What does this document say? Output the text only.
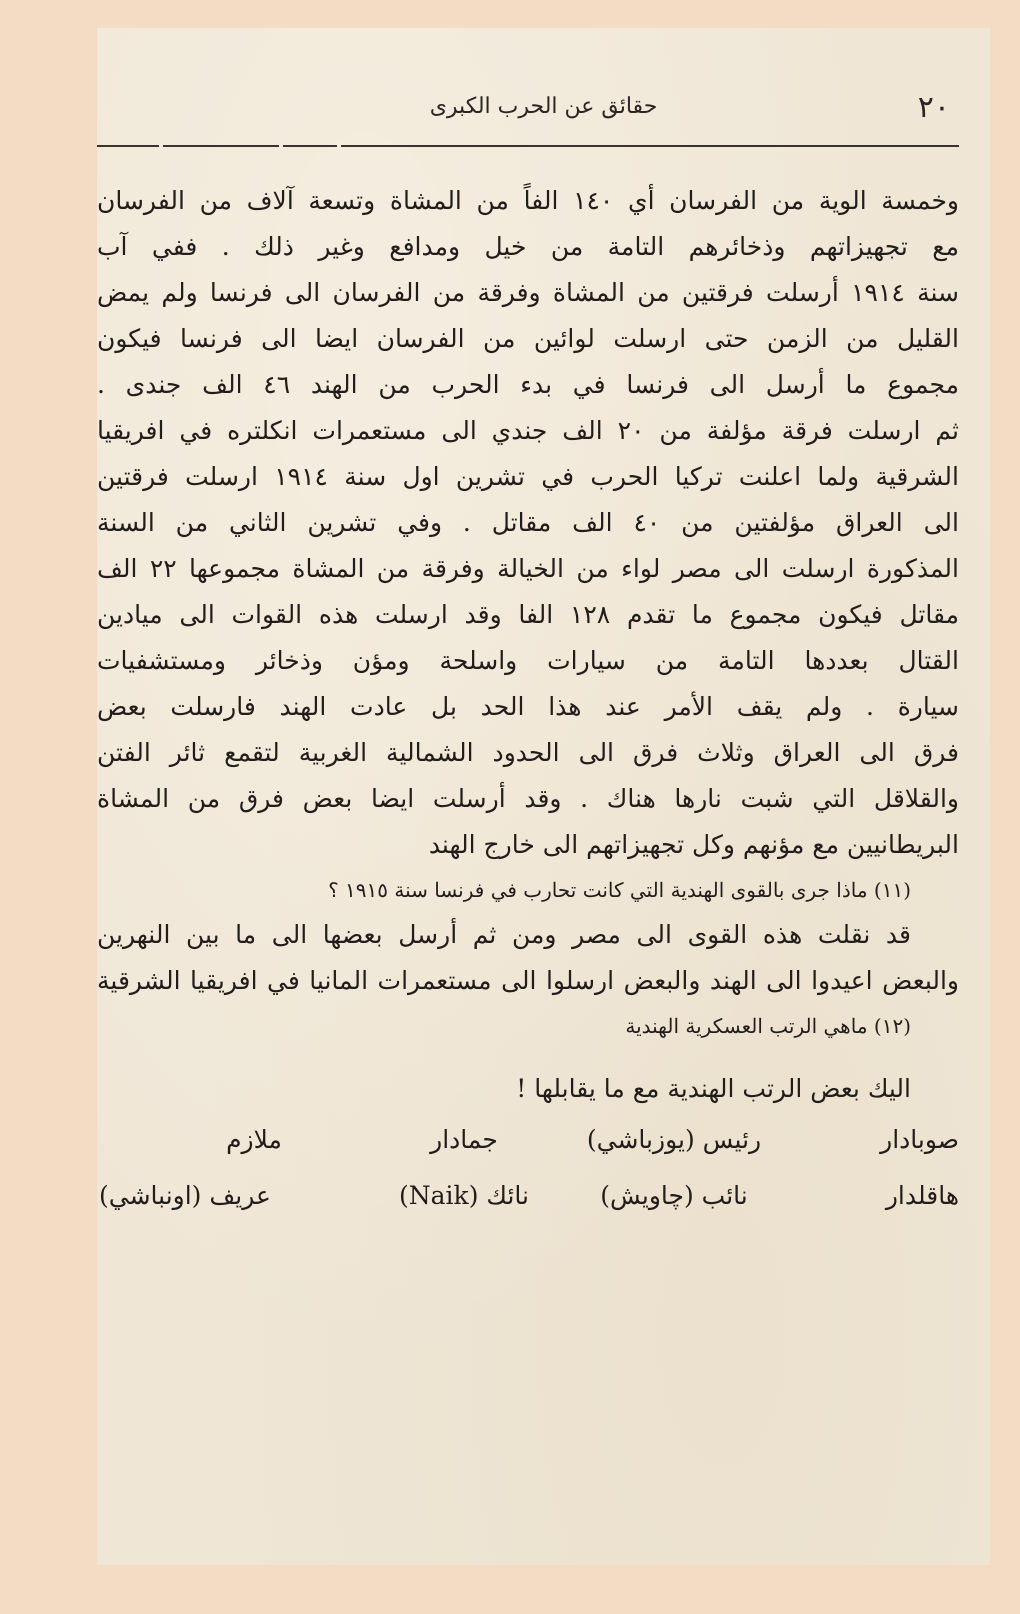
٢٠
حقائق عن الحرب الكبرى
وخمسة الوية من الفرسان أي ١٤٠ الفاً من المشاة وتسعة آلاف من الفرسان
مع تجهيزاتهم وذخائرهم التامة من خيل ومدافع وغير ذلك . ففي آب
سنة ١٩١٤ أرسلت فرقتين من المشاة وفرقة من الفرسان الى فرنسا ولم يمض
القليل من الزمن حتى ارسلت لوائين من الفرسان ايضا الى فرنسا فيكون
مجموع ما أرسل الى فرنسا في بدء الحرب من الهند ٤٦ الف جندى .
ثم ارسلت فرقة مؤلفة من ٢٠ الف جندي الى مستعمرات انكلتره في افريقيا
الشرقية ولما اعلنت تركيا الحرب في تشرين اول سنة ١٩١٤ ارسلت فرقتين
الى العراق مؤلفتين من ٤٠ الف مقاتل . وفي تشرين الثاني من السنة
المذكورة ارسلت الى مصر لواء من الخيالة وفرقة من المشاة مجموعها ٢٢ الف
مقاتل فيكون مجموع ما تقدم ١٢٨ الفا وقد ارسلت هذه القوات الى ميادين
القتال بعددها التامة من سيارات واسلحة ومؤن وذخائر ومستشفيات
سيارة . ولم يقف الأمر عند هذا الحد بل عادت الهند فارسلت بعض
فرق الى العراق وثلاث فرق الى الحدود الشمالية الغربية لتقمع ثائر الفتن
والقلاقل التي شبت نارها هناك . وقد أرسلت ايضا بعض فرق من المشاة
البريطانيين مع مؤنهم وكل تجهيزاتهم الى خارج الهند
(١١) ماذا جرى بالقوى الهندية التي كانت تحارب في فرنسا سنة ١٩١٥ ؟
قد نقلت هذه القوى الى مصر ومن ثم أرسل بعضها الى ما بين النهرين
والبعض اعيدوا الى الهند والبعض ارسلوا الى مستعمرات المانيا في افريقيا الشرقية
(١٢) ماهي الرتب العسكرية الهندية
اليك بعض الرتب الهندية مع ما يقابلها !
صوبادار
رئيس (يوزباشي)
جمادار
ملازم
هاقلدار
نائب (چاويش)
نائك (Naik)
عريف (اونباشي)
